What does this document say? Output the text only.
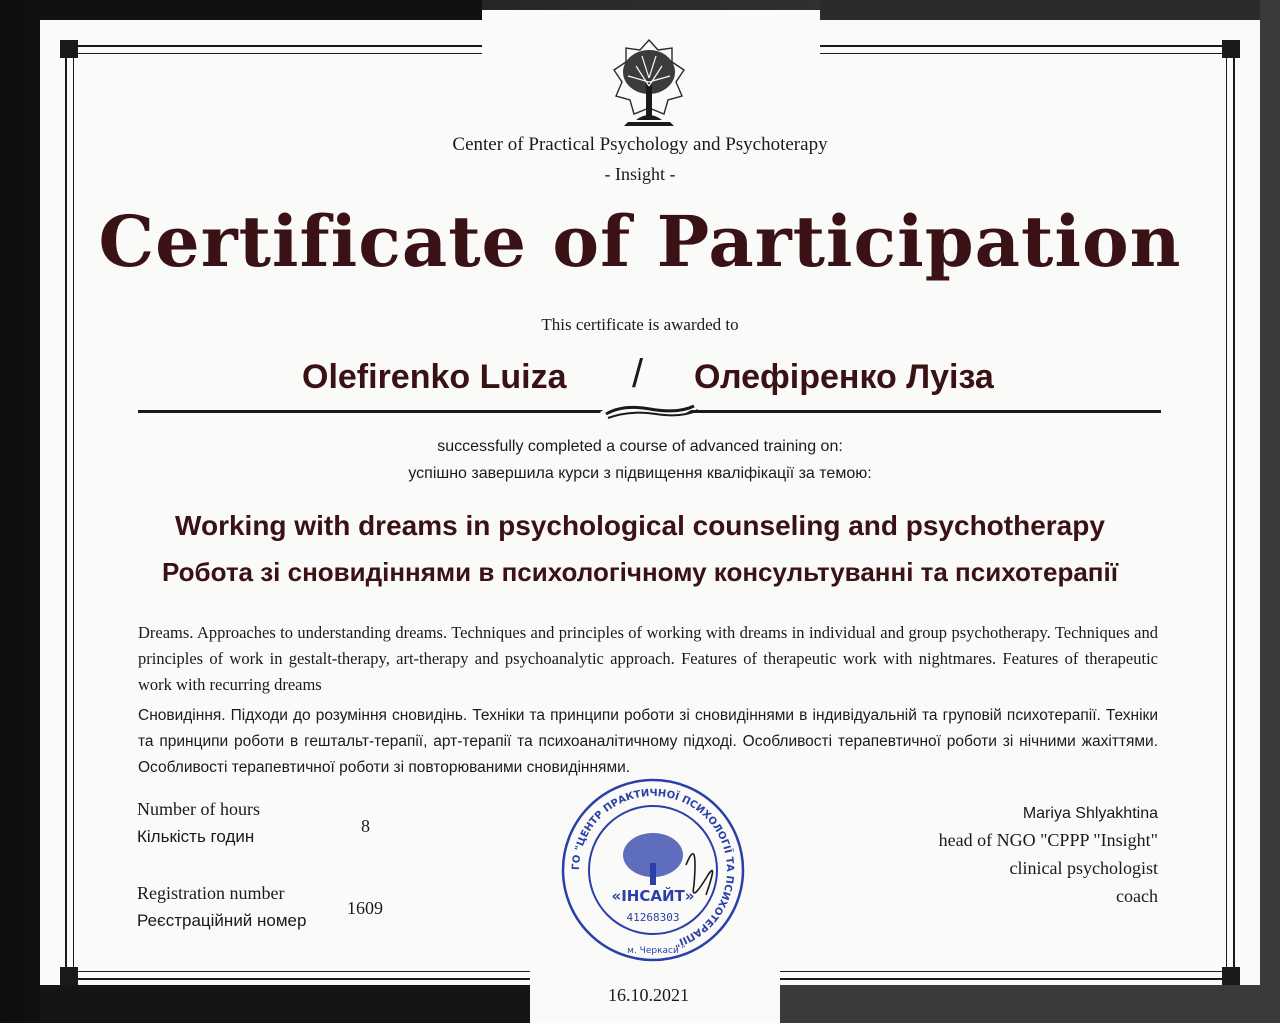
Center of Practical Psychology and Psychoterapy
- Insight -
Certificate of Participation
This certificate is awarded to
Olefirenko Luiza / Олефіренко Луіза
successfully completed a course of advanced training on:
успішно завершила курси з підвищення кваліфікації за темою:
Working with dreams in psychological counseling and psychotherapy
Робота зі сновидіннями в психологічному консультуванні та психотерапії
Dreams. Approaches to understanding dreams. Techniques and principles of working with dreams in individual and group psychotherapy. Techniques and principles of work in gestalt-therapy, art-therapy and psychoanalytic approach. Features of therapeutic work with nightmares. Features of therapeutic work with recurring dreams
Сновидіння. Підходи до розуміння сновидінь. Техніки та принципи роботи зі сновидіннями в індивідуальній та груповій психотерапії. Техніки та принципи роботи в гештальт-терапії, арт-терапії та психоаналітичному підході. Особливості терапевтичної роботи зі нічними жахіттями. Особливості терапевтичної роботи зі повторюваними сновидіннями.
Number of hours
Кількість годин
8
Registration number
Реєстраційний номер
1609
Mariya Shlyakhtina
head of NGO "CPPP "Insight"
clinical psychologist
coach
ГО "ЦЕНТР ПРАКТИЧНОЇ ПСИХОЛОГІЇ ТА ПСИХОТЕРАПІЇ"
«ІНСАЙТ»
41268303
м. Черкаси
16.10.2021
